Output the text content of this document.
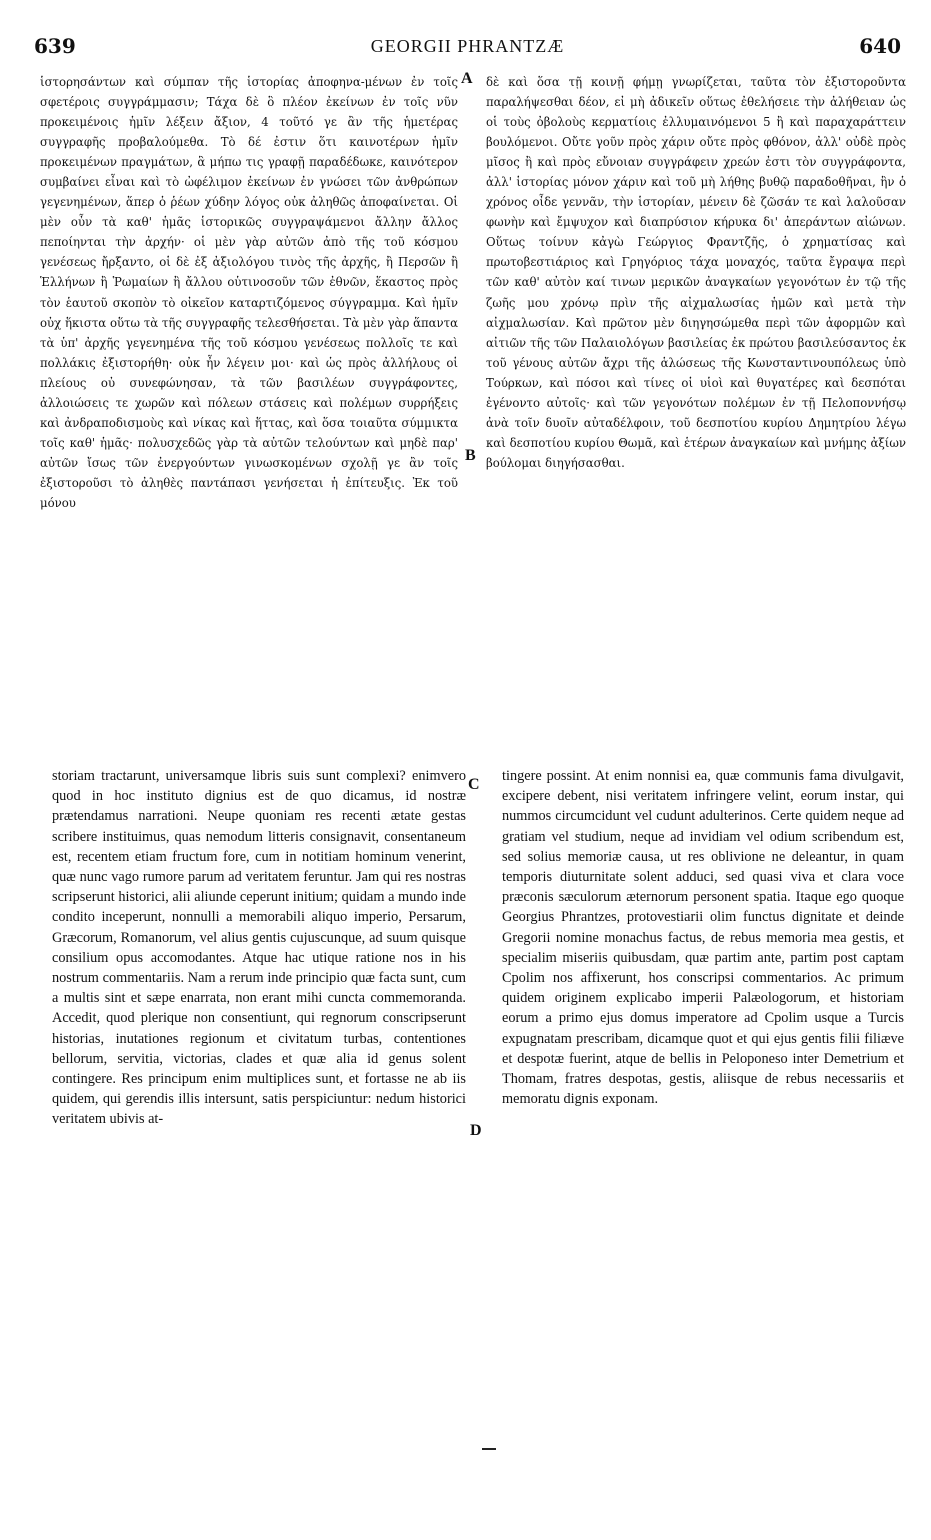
639	GEORGII PHRANTZÆ	640

ἱστορησάντων καὶ σύμπαν τῆς ἱστορίας ἀποφηνα-μένων ἐν τοῖς σφετέροις συγγράμμασιν; Τάχα δὲ ὃ πλέον ἐκείνων ἐν τοῖς νῦν προκειμένοις ἡμῖν λέξειν ἄξιον, 4 τοῦτό γε ἂν τῆς ἡμετέρας συγγραφῆς προβαλούμεθα. Τὸ δέ ἐστιν ὅτι καινοτέρων ἡμῖν προκειμένων πραγμάτων, ἃ μήπω τις γραφῇ παραδέδωκε, καινότερον συμβαίνει εἶναι καὶ τὸ ὠφέλιμον ἐκείνων ἐν γνώσει τῶν ἀνθρώπων γεγενημένων, ἅπερ ὁ ῥέων χύδην λόγος οὐκ ἀληθῶς ἀποφαίνεται. Οἱ μὲν οὖν τὰ καθ' ἡμᾶς ἱστορικῶς συγγραψάμενοι ἄλλην ἄλλος πεποίηνται τὴν ἀρχήν· οἱ μὲν γὰρ αὐτῶν ἀπὸ τῆς τοῦ κόσμου γενέσεως ἤρξαντο, οἱ δὲ ἐξ ἀξιολόγου τινὸς τῆς ἀρχῆς, ἢ Περσῶν ἢ Ἑλλήνων ἢ Ῥωμαίων ἢ ἄλλου οὑτινοσοῦν τῶν ἐθνῶν, ἕκαστος πρὸς τὸν ἑαυτοῦ σκοπὸν τὸ οἰκεῖον καταρτιζόμενος σύγγραμμα. Καὶ ἡμῖν οὐχ ἥκιστα οὕτω τὰ τῆς συγγραφῆς τελεσθήσεται. Τὰ μὲν γὰρ ἅπαντα τὰ ὑπ' ἀρχῆς γεγενημένα τῆς τοῦ κόσμου γενέσεως πολλοῖς τε καὶ πολλάκις ἐξιστορήθη· οὐκ ἦν λέγειν μοι· καὶ ὡς πρὸς ἀλλήλους οἱ πλείους οὐ συνεφώνησαν, τὰ τῶν βασιλέων συγγράφοντες, ἀλλοιώσεις τε χωρῶν καὶ πόλεων στάσεις καὶ πολέμων συρρήξεις καὶ ἀνδραποδισμοὺς καὶ νίκας καὶ ἥττας, καὶ ὅσα τοιαῦτα σύμμικτα τοῖς καθ' ἡμᾶς· πολυσχεδῶς γὰρ τὰ αὐτῶν τελούντων καὶ μηδὲ παρ' αὐτῶν ἴσως τῶν ἐνεργούντων γινωσκομένων σχολῇ γε ἂν τοῖς ἐξιστοροῦσι τὸ ἀληθὲς παντάπασι γενήσεται ἡ ἐπίτευξις. Ἐκ τοῦ μόνου

δὲ καὶ ὅσα τῇ κοινῇ φήμῃ γνωρίζεται, ταῦτα τὸν ἐξιστοροῦντα παραλήψεσθαι δέον, εἰ μὴ ἀδικεῖν οὕτως ἐθελήσειε τὴν ἀλήθειαν ὡς οἱ τοὺς ὀβολοὺς κερματίοις ἐλλυμαινόμενοι 5 ἢ καὶ παραχαράττειν βουλόμενοι. Οὔτε γοῦν πρὸς χάριν οὔτε πρὸς φθόνον, ἀλλ' οὐδὲ πρὸς μῖσος ἢ καὶ πρὸς εὔνοιαν συγγράφειν χρεών ἐστι τὸν συγγράφοντα, ἀλλ' ἱστορίας μόνον χάριν καὶ τοῦ μὴ λήθης βυθῷ παραδοθῆναι, ἣν ὁ χρόνος οἶδε γεννᾶν, τὴν ἱστορίαν, μένειν δὲ ζῶσάν τε καὶ λαλοῦσαν φωνὴν καὶ ἔμψυχον καὶ διαπρύσιον κήρυκα δι' ἀπεράντων αἰώνων. Οὕτως τοίνυν κἀγὼ Γεώργιος Φραντζῆς, ὁ χρηματίσας καὶ πρωτοβεστιάριος καὶ Γρηγόριος τάχα μοναχός, ταῦτα ἔγραψα περὶ τῶν καθ' αὐτὸν καί τινων μερικῶν ἀναγκαίων γεγονότων ἐν τῷ τῆς ζωῆς μου χρόνῳ πρὶν τῆς αἰχμαλωσίας ἡμῶν καὶ μετὰ τὴν αἰχμαλωσίαν. Καὶ πρῶτον μὲν διηγησώμεθα περὶ τῶν ἀφορμῶν καὶ αἰτιῶν τῆς τῶν Παλαιολόγων βασιλείας ἐκ πρώτου βασιλεύσαντος ἐκ τοῦ γένους αὐτῶν ἄχρι τῆς ἁλώσεως τῆς Κωνσταντινουπόλεως ὑπὸ Τούρκων, καὶ πόσοι καὶ τίνες οἱ υἱοὶ καὶ θυγατέρες καὶ δεσπόται ἐγένοντο αὐτοῖς· καὶ τῶν γεγονότων πολέμων ἐν τῇ Πελοποννήσῳ ἀνὰ τοῖν δυοῖν αὐταδέλφοιν, τοῦ δεσποτίου κυρίου Δημητρίου λέγω καὶ δεσποτίου κυρίου Θωμᾶ, καὶ ἑτέρων ἀναγκαίων καὶ μνήμης ἀξίων βούλομαι διηγήσασθαι.

A
B
C
D

storiam tractarunt, universamque libris suis sunt complexi? enimvero quod in hoc instituto dignius est de quo dicamus, id nostræ prætendamus narrationi. Neupe quoniam res recenti ætate gestas scribere instituimus, quas nemodum litteris consignavit, consentaneum est, recentem etiam fructum fore, cum in notitiam hominum venerint, quæ nunc vago rumore parum ad veritatem feruntur. Jam qui res nostras scripserunt historici, alii aliunde ceperunt initium; quidam a mundo inde condito inceperunt, nonnulli a memorabili aliquo imperio, Persarum, Græcorum, Romanorum, vel alius gentis cujuscunque, ad suum quisque consilium opus accomodantes. Atque hac utique ratione nos in his nostrum commentariis. Nam a rerum inde principio quæ facta sunt, cum a multis sint et sæpe enarrata, non erant mihi cuncta commemoranda. Accedit, quod plerique non consentiunt, qui regnorum conscripserunt historias, inutationes regionum et civitatum turbas, contentiones bellorum, servitia, victorias, clades et quæ alia id genus solent contingere. Res principum enim multiplices sunt, et fortasse ne ab iis quidem, qui gerendis illis intersunt, satis perspiciuntur: nedum historici veritatem ubivis at-

tingere possint. At enim nonnisi ea, quæ communis fama divulgavit, excipere debent, nisi veritatem infringere velint, eorum instar, qui nummos circumcidunt vel cudunt adulterinos. Certe quidem neque ad gratiam vel studium, neque ad invidiam vel odium scribendum est, sed solius memoriæ causa, ut res oblivione ne deleantur, in quam temporis diuturnitate solent adduci, sed quasi viva et clara voce præconis sæculorum æternorum personent spatia. Itaque ego quoque Georgius Phrantzes, protovestiarii olim functus dignitate et deinde Gregorii nomine monachus factus, de rebus memoria mea gestis, et specialim miseriis quibusdam, quæ partim ante, partim post captam Cpolim nos affixerunt, hos conscripsi commentarios. Ac primum quidem originem explicabo imperii Palæologorum, et historiam eorum a primo ejus domus imperatore ad Cpolim usque a Turcis expugnatam prescribam, dicamque quot et qui ejus gentis filii filiæve et despotæ fuerint, atque de bellis in Peloponeso inter Demetrium et Thomam, fratres despotas, gestis, aliisque de rebus necessariis et memoratu dignis exponam.
